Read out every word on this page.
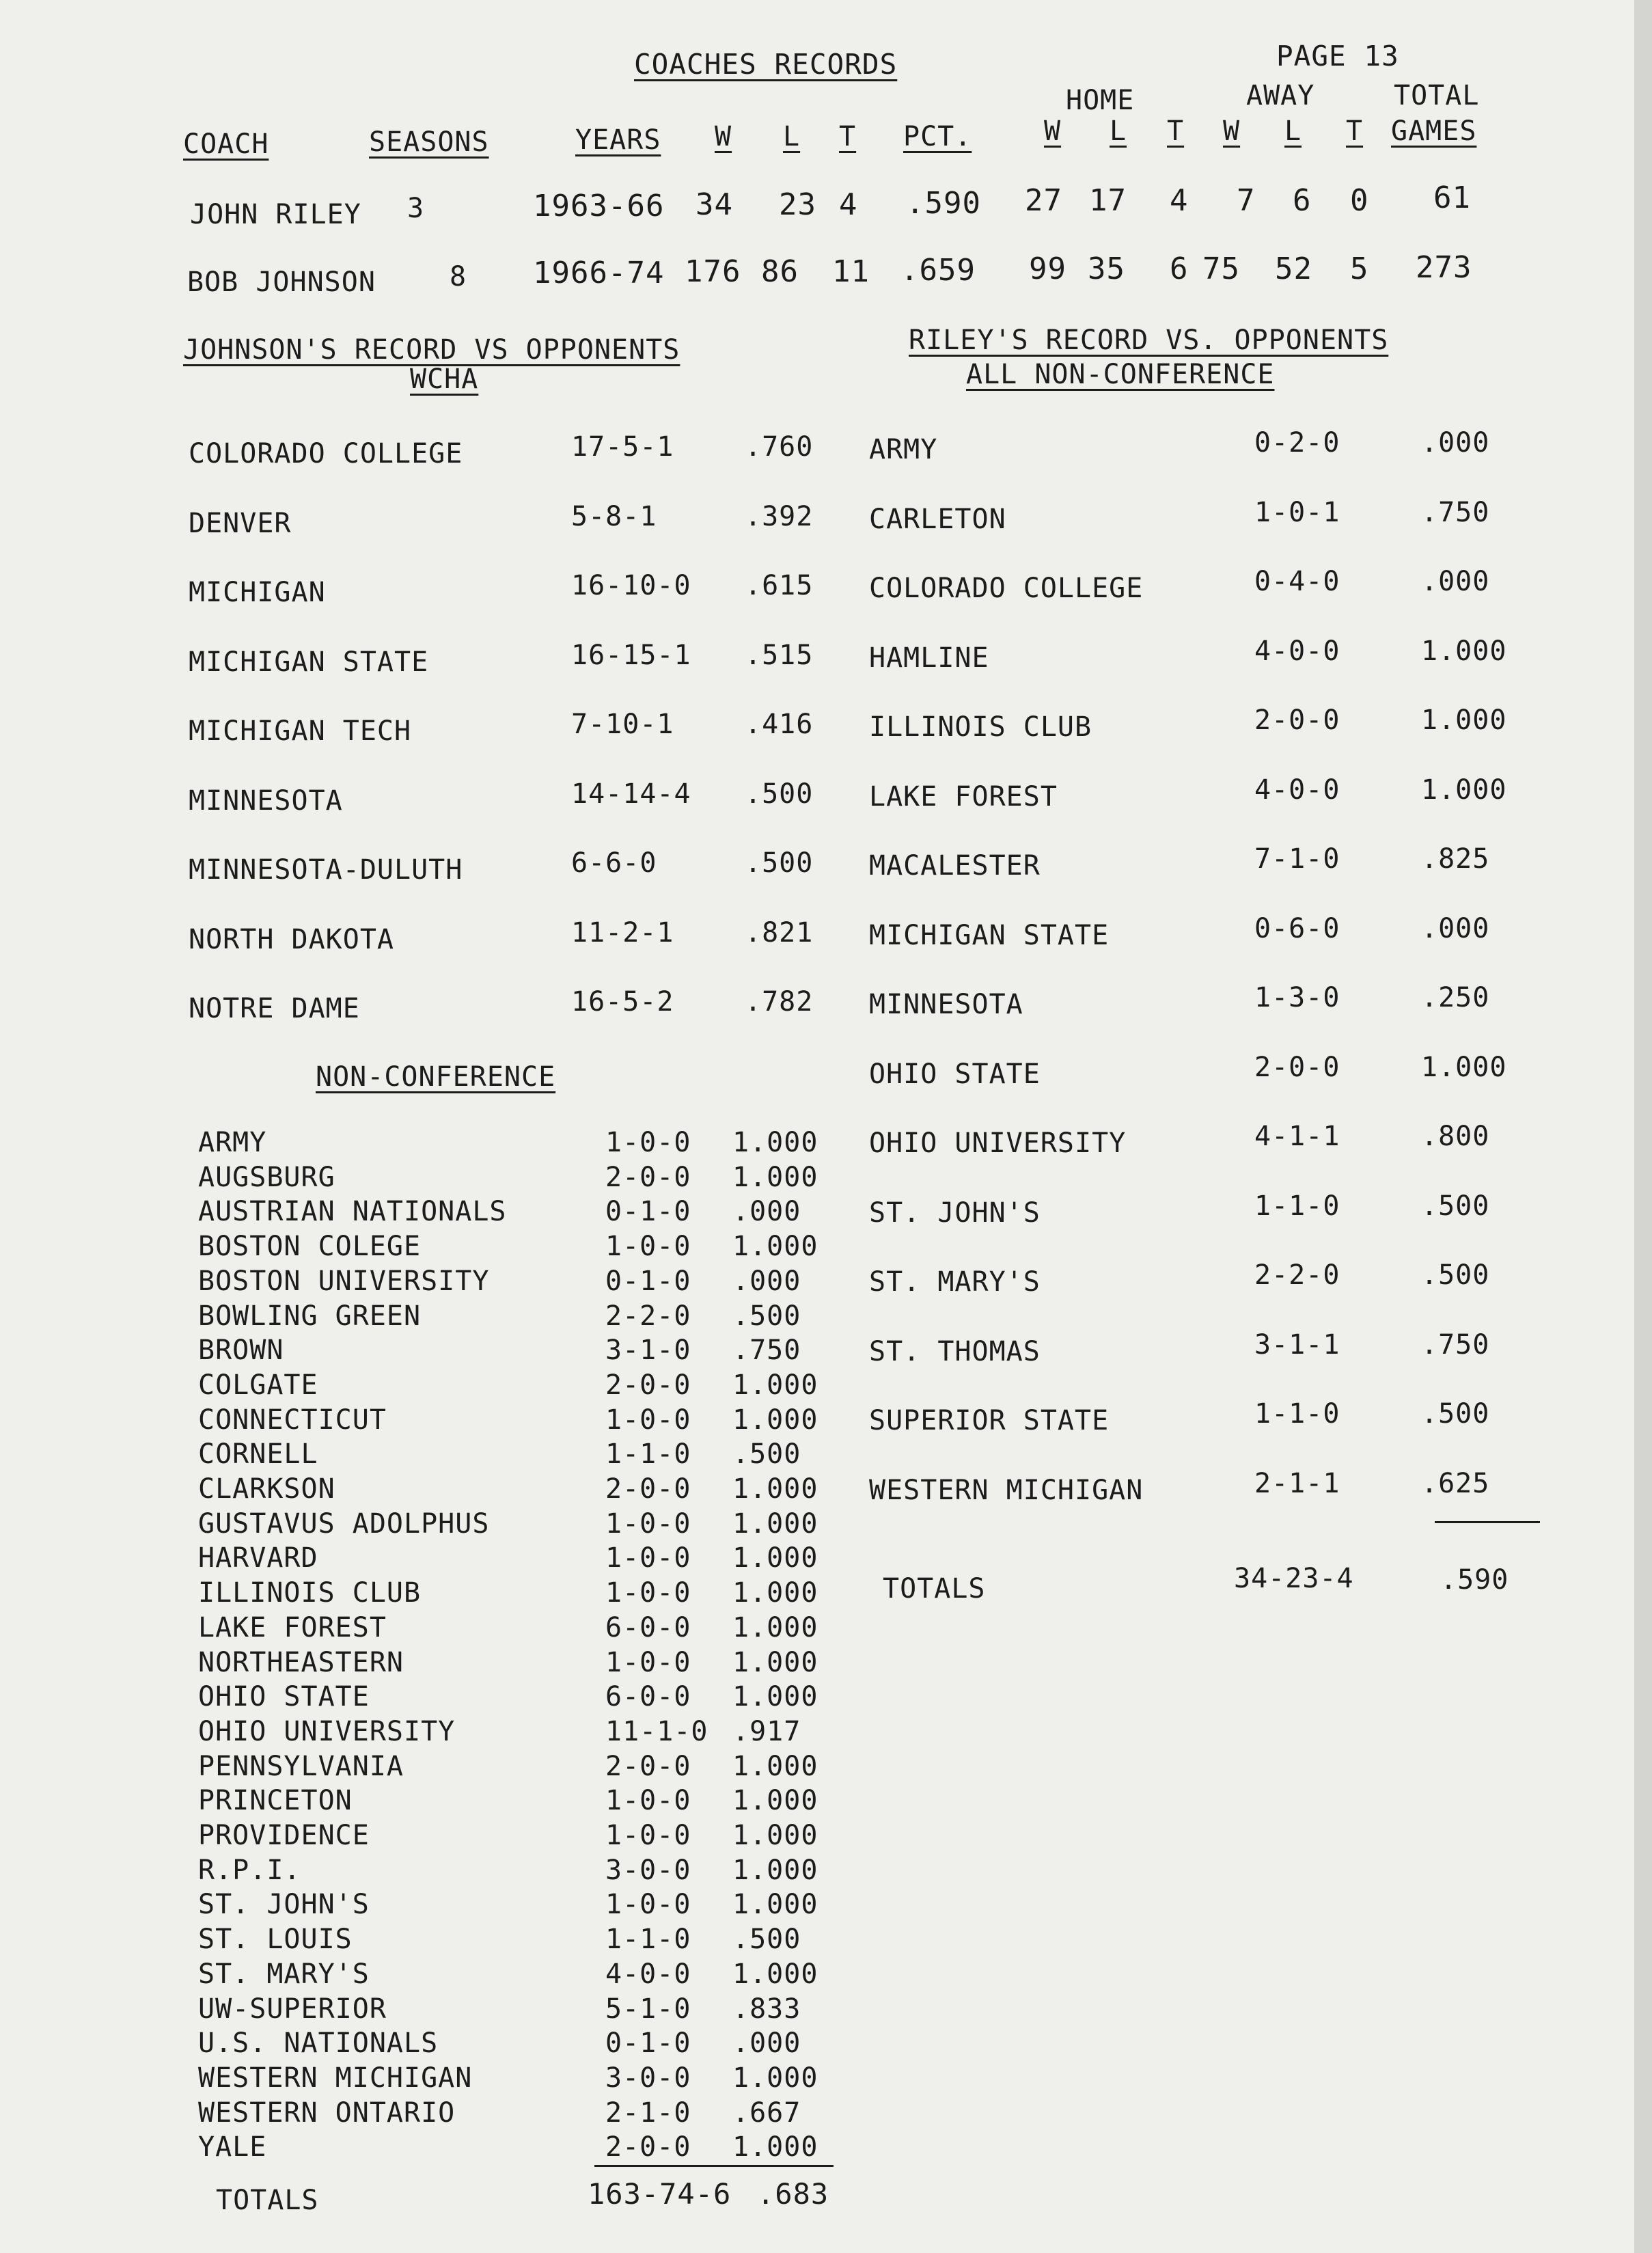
PAGE 13
COACHES RECORDS
HOME	AWAY	TOTAL
COACH	SEASONS	YEARS W L T PCT.	W L T W L T GAMES
JOHN RILEY 3	1963-66 34 23 4 .590 27 17 4 7 6 0 61
BOB JOHNSON	8 1966-74 176 86 11 .659 99 35 6 75 52 5 273
JOHNSON'S RECORD VS OPPONENTS
WCHA
RILEY'S RECORD VS. OPPONENTS
ALL NON-CONFERENCE
COLORADO COLLEGE	17-5-1	.760
DENVER	5-8-1	.392
MICHIGAN	16-10-0 .615
MICHIGAN STATE	16-15-1 .515
MICHIGAN TECH	7-10-1	.416
MINNESOTA	14-14-4 .500
MINNESOTA-DULUTH	6-6-0	.500
NORTH DAKOTA	11-2-1	.821
NOTRE DAME	16-5-2	.782
NON-CONFERENCE
ARMY	1-0-0 1.000
AUGSBURG	2-0-0 1.000
AUSTRIAN NATIONALS	0-1-0 .000
BOSTON COLEGE	1-0-0 1.000
BOSTON UNIVERSITY	0-1-0 .000
BOWLING GREEN	2-2-0 .500
BROWN	3-1-0 .750
COLGATE	2-0-0 1.000
CONNECTICUT	1-0-0 1.000
CORNELL	1-1-0 .500
CLARKSON	2-0-0 1.000
GUSTAVUS ADOLPHUS	1-0-0 1.000
HARVARD	1-0-0 1.000
ILLINOIS CLUB	1-0-0 1.000
LAKE FOREST	6-0-0 1.000
NORTHEASTERN	1-0-0 1.000
OHIO STATE	6-0-0 1.000
OHIO UNIVERSITY	11-1-0 .917
PENNSYLVANIA	2-0-0 1.000
PRINCETON	1-0-0 1.000
PROVIDENCE	1-0-0 1.000
R.P.I.	3-0-0 1.000
ST. JOHN'S	1-0-0 1.000
ST. LOUIS	1-1-0 .500
ST. MARY'S	4-0-0 1.000
UW-SUPERIOR	5-1-0 .833
U.S. NATIONALS	0-1-0 .000
WESTERN MICHIGAN	3-0-0 1.000
WESTERN ONTARIO	2-1-0 .667
YALE	2-0-0 1.000
TOTALS	163-74-6 .683
ARMY	0-2-0	.000
CARLETON	1-0-1	.750
COLORADO COLLEGE	0-4-0	.000
HAMLINE	4-0-0	1.000
ILLINOIS CLUB	2-0-0	1.000
LAKE FOREST	4-0-0	1.000
MACALESTER	7-1-0	.825
MICHIGAN STATE	0-6-0	.000
MINNESOTA	1-3-0	.250
OHIO STATE	2-0-0	1.000
OHIO UNIVERSITY	4-1-1	.800
ST. JOHN'S	1-1-0	.500
ST. MARY'S	2-2-0	.500
ST. THOMAS	3-1-1	.750
SUPERIOR STATE	1-1-0	.500
WESTERN MICHIGAN	2-1-1	.625
TOTALS	34-23-4	.590
